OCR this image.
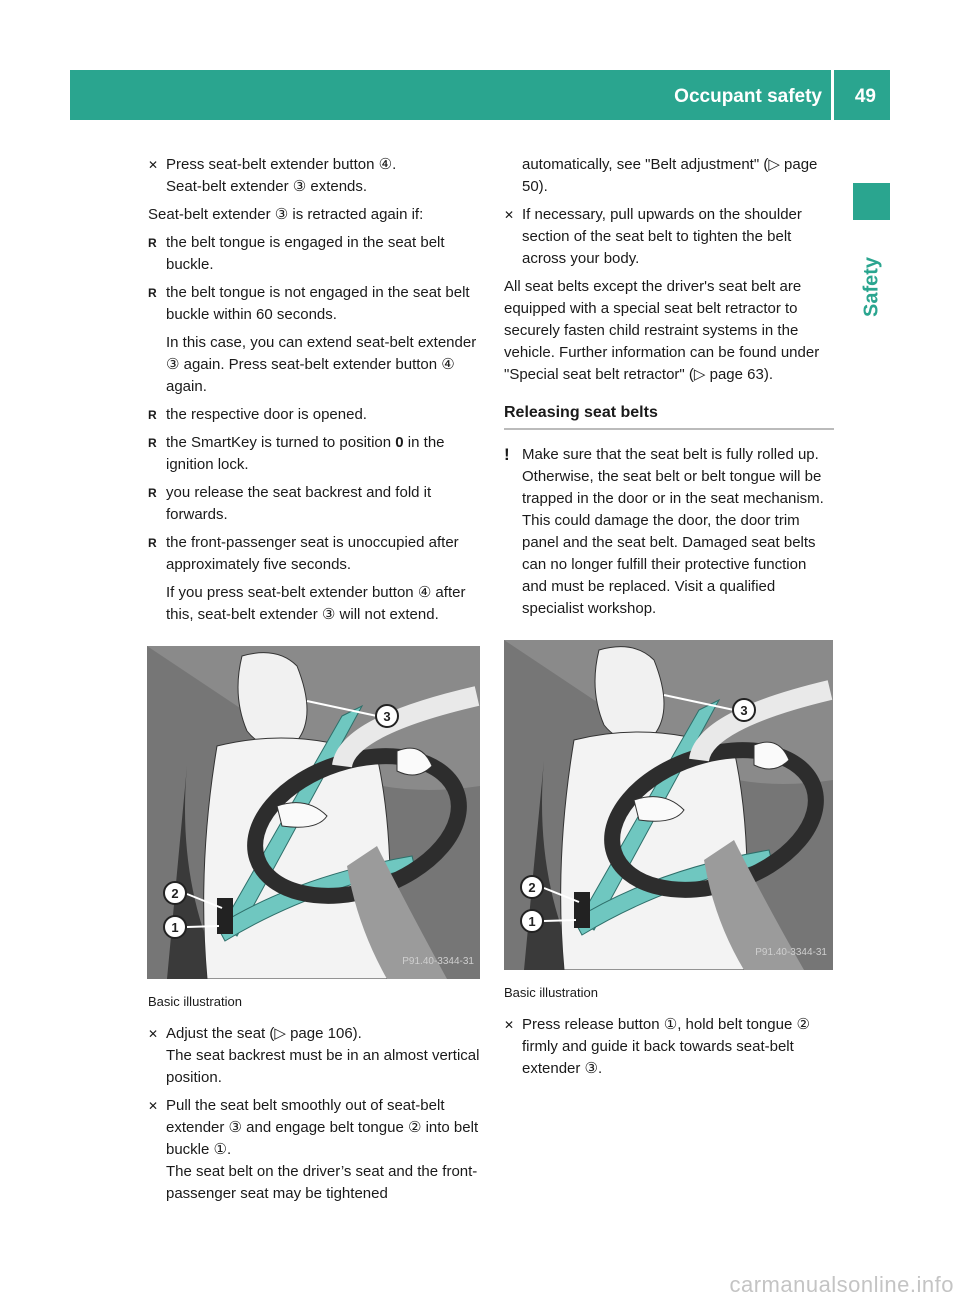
Occupant safety 49
Safety
✕ Press seat-belt extender button ④.
Seat-belt extender ③ extends.

Seat-belt extender ③ is retracted again if:

R the belt tongue is engaged in the seat belt buckle.
R the belt tongue is not engaged in the seat belt buckle within 60 seconds.
In this case, you can extend seat-belt extender ③ again. Press seat-belt extender button ④ again.
R the respective door is opened.
R the SmartKey is turned to position 0 in the ignition lock.
R you release the seat backrest and fold it forwards.
R the front-passenger seat is unoccupied after approximately five seconds.
If you press seat-belt extender button ④ after this, seat-belt extender ③ will not extend.
3
2
1
P91.40-3344-31

Basic illustration

✕ Adjust the seat (▷ page 106).
The seat backrest must be in an almost vertical position.
✕ Pull the seat belt smoothly out of seat-belt extender ③ and engage belt tongue ② into belt buckle ①.
The seat belt on the driver’s seat and the front-passenger seat may be tightened

automatically, see "Belt adjustment" (▷ page 50).

✕ If necessary, pull upwards on the shoulder section of the seat belt to tighten the belt across your body.

All seat belts except the driver's seat belt are equipped with a special seat belt retractor to securely fasten child restraint systems in the vehicle. Further information can be found under "Special seat belt retractor" (▷ page 63).

Releasing seat belts
! Make sure that the seat belt is fully rolled up. Otherwise, the seat belt or belt tongue will be trapped in the door or in the seat mechanism. This could damage the door, the door trim panel and the seat belt. Damaged seat belts can no longer fulfill their protective function and must be replaced. Visit a qualified specialist workshop.
3
2
1
P91.40-3344-31

Basic illustration

✕ Press release button ①, hold belt tongue ② firmly and guide it back towards seat-belt extender ③.
carmanualsonline.info
